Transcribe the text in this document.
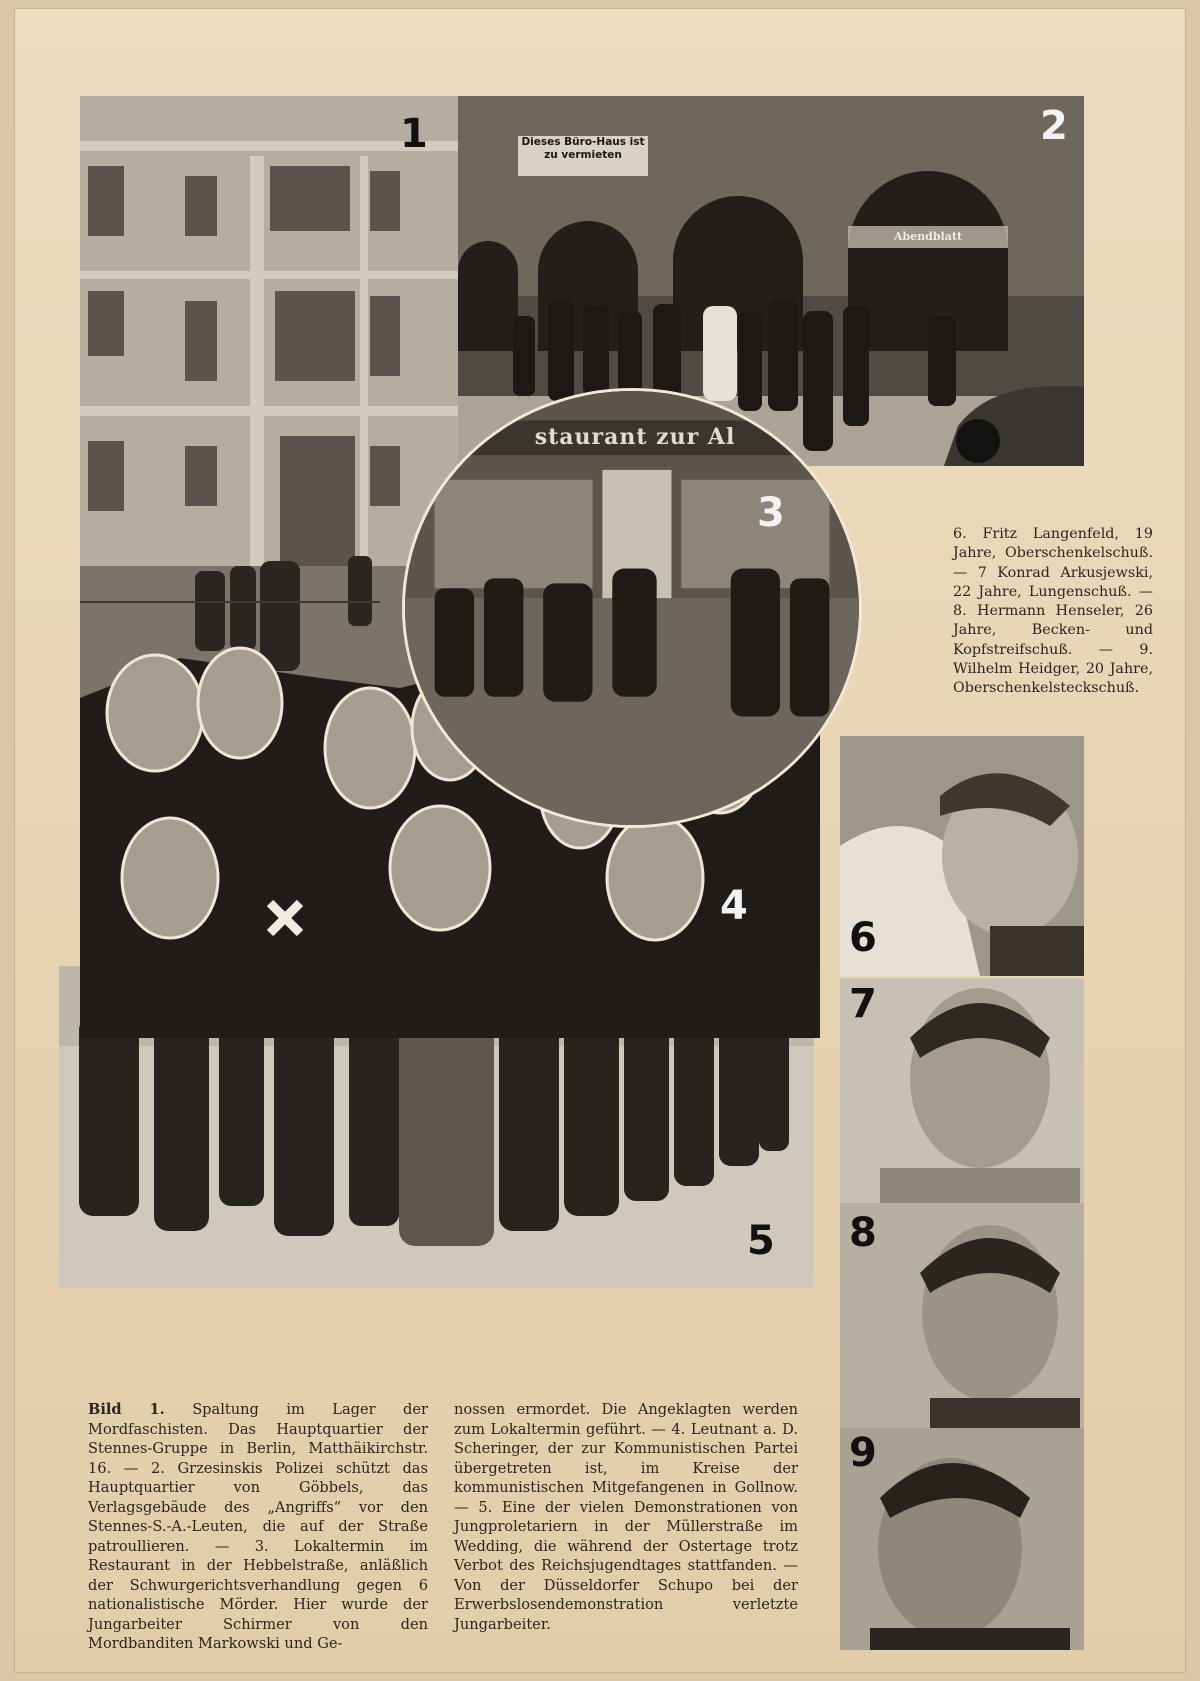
1	Dieses Büro-Haus ist zu vermieten
Abendblatt
2
5
4
staurant zur Al
3
6
7
8
9
6. Fritz Langenfeld, 19 Jahre, Oberschenkelschuß. — 7 Konrad Arkusjewski, 22 Jahre, Lungenschuß. — 8. Hermann Henseler, 26 Jahre, Becken- und Kopfstreifschuß. — 9. Wilhelm Heidger, 20 Jahre, Oberschenkelsteckschuß.
Bild 1. Spaltung im Lager der Mordfaschisten. Das Hauptquartier der Stennes-Gruppe in Berlin, Matthäikirchstr. 16. — 2. Grzesinskis Polizei schützt das Hauptquartier von Göbbels, das Verlagsgebäude des „Angriffs“ vor den Stennes-S.-A.-Leuten, die auf der Straße patroullieren. — 3. Lokaltermin im Restaurant in der Hebbelstraße, anläßlich der Schwurgerichtsverhandlung gegen 6 nationalistische Mörder. Hier wurde der Jungarbeiter Schirmer von den Mordbanditen Markowski und Ge-
nossen ermordet. Die Angeklagten werden zum Lokaltermin geführt. — 4. Leutnant a. D. Scheringer, der zur Kommunistischen Partei übergetreten ist, im Kreise der kommunistischen Mitgefangenen in Gollnow. — 5. Eine der vielen Demonstrationen von Jungproletariern in der Müllerstraße im Wedding, die während der Ostertage trotz Verbot des Reichsjugendtages stattfanden. — Von der Düsseldorfer Schupo bei der Erwerbslosendemonstration verletzte Jungarbeiter.
